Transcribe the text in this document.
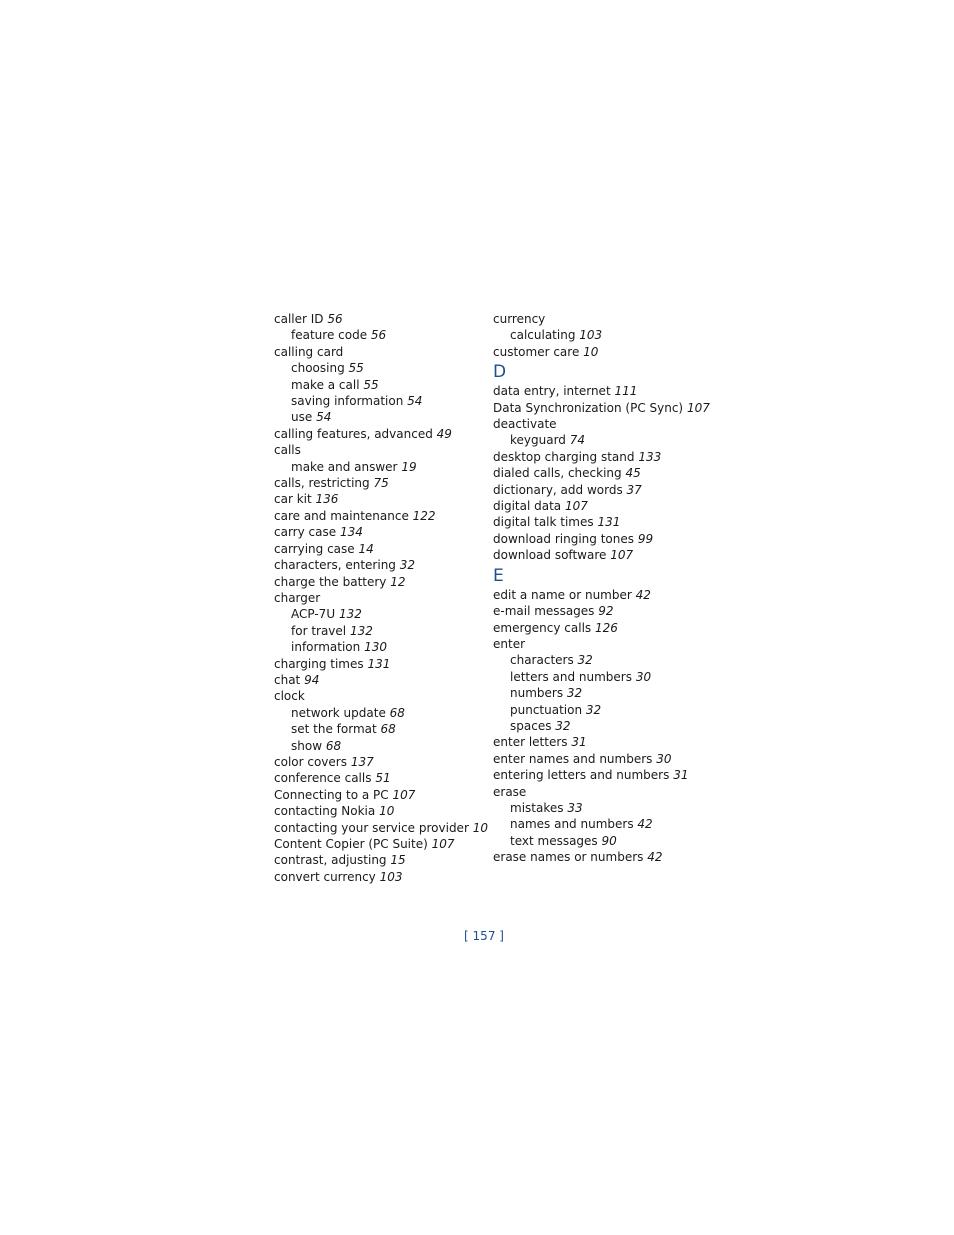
caller ID 56
feature code 56
calling card
choosing 55
make a call 55
saving information 54
use 54
calling features, advanced 49
calls
make and answer 19
calls, restricting 75
car kit 136
care and maintenance 122
carry case 134
carrying case 14
characters, entering 32
charge the battery 12
charger
ACP-7U 132
for travel 132
information 130
charging times 131
chat 94
clock
network update 68
set the format 68
show 68
color covers 137
conference calls 51
Connecting to a PC 107
contacting Nokia 10
contacting your service provider 10
Content Copier (PC Suite) 107
contrast, adjusting 15
convert currency 103
currency
calculating 103
customer care 10
D
data entry, internet 111
Data Synchronization (PC Sync) 107
deactivate
keyguard 74
desktop charging stand 133
dialed calls, checking 45
dictionary, add words 37
digital data 107
digital talk times 131
download ringing tones 99
download software 107
E
edit a name or number 42
e-mail messages 92
emergency calls 126
enter
characters 32
letters and numbers 30
numbers 32
punctuation 32
spaces 32
enter letters 31
enter names and numbers 30
entering letters and numbers 31
erase
mistakes 33
names and numbers 42
text messages 90
erase names or numbers 42
[ 157 ]
